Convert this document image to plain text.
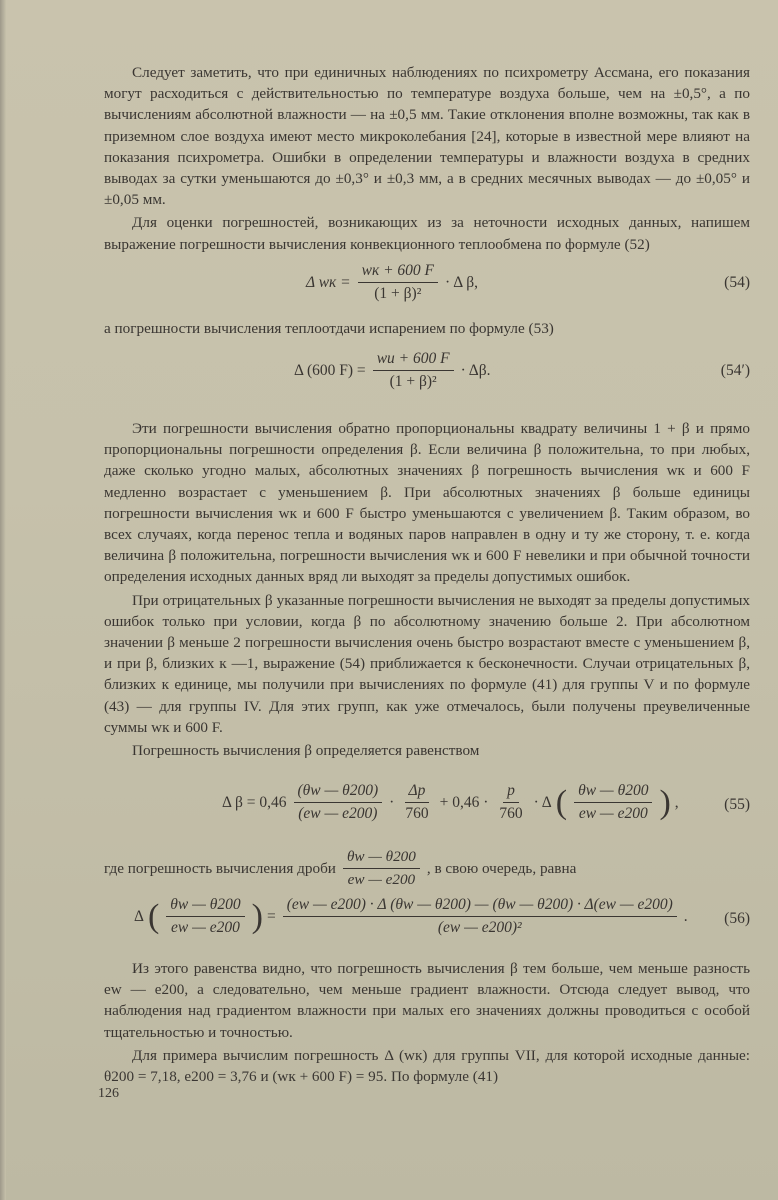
Следует заметить, что при единичных наблюдениях по психрометру Ассмана, его показания могут расходиться с действительностью по температуре воздуха больше, чем на ±0,5°, а по вычислениям абсолютной влажности — на ±0,5 мм. Такие отклонения вполне возможны, так как в приземном слое воздуха имеют место микроколебания [24], которые в известной мере влияют на показания психрометра. Ошибки в определении температуры и влажности воздуха в средних выводах за сутки уменьшаются до ±0,3° и ±0,3 мм, а в средних месячных выводах — до ±0,05° и ±0,05 мм.

Для оценки погрешностей, возникающих из за неточности исходных данных, напишем выражение погрешности вычисления конвекционного теплообмена по формуле (52)

Δ wк = $\frac{wк + 600 F}{\text{(1 + β)²}} \cdot \Delta$ β,	(54)

а погрешности вычисления теплоотдачи испарением по формуле (53)

Δ (600 $F) = \frac{wи + 600 F}{\text{(1 + β)²}} \cdot \Delta\beta$.	(54′)

Эти погрешности вычисления обратно пропорциональны квадрату величины 1 + β и прямо пропорциональны погрешности определения β. Если величина β положительна, то при любых, даже сколько угодно малых, абсолютных значениях β погрешность вычисления wк и 600 F медленно возрастает с уменьшением β. При абсолютных значениях β больше единицы погрешности вычисления wк и 600 F быстро уменьшаются с увеличением β. Таким образом, во всех случаях, когда перенос тепла и водяных паров направлен в одну и ту же сторону, т. е. когда величина β положительна, погрешности вычисления wк и 600 F невелики и при обычной точности определения исходных данных вряд ли выходят за пределы допустимых ошибок.

При отрицательных β указанные погрешности вычисления не выходят за пределы допустимых ошибок только при условии, когда β по абсолютному значению больше 2. При абсолютном значении β меньше 2 погрешности вычисления очень быстро возрастают вместе с уменьшением β, и при β, близких к —1, выражение (54) приближается к бесконечности. Случаи отрицательных β, близких к единице, мы получили при вычислениях по формуле (41) для группы V и по формуле (43) — для группы IV. Для этих групп, как уже отмечалось, были получены преувеличенные суммы wк и 600 F.

Погрешность вычисления β определяется равенством

Δ $\beta = 0,46 \frac{(\theta w — \theta 200)}{(ew — e200)} \cdot \frac{\Delta p}{760} + 0,46 \cdot \frac{p}{760} \cdot \Delta$ ( $\frac{\theta w — \theta 200}{ew — e200}$ ) ,	(55)
где погрешность вычисления дроби $\frac{\theta w — \theta 200}{ew — e200}$ , в свою очередь, равна
Δ ( $\frac{\theta w — \theta 200}{ew — e200}$ ) = $\frac{(ew — e200) \cdot \Delta (\theta w — \theta 200) — (\theta w — \theta 200) \cdot \Delta(ew — e200)}{\text{(ew — e200)²}}$ . (56)

Из этого равенства видно, что погрешность вычисления β тем больше, чем меньше разность ew — e200, а следовательно, чем меньше градиент влажности. Отсюда следует вывод, что наблюдения над градиентом влажности при малых его значениях должны проводиться с особой тщательностью и точностью.

Для примера вычислим погрешность Δ (wк) для группы VII, для которой исходные данные: θ200 = 7,18, e200 = 3,76 и (wк + 600 F) = 95. По формуле (41)

126
